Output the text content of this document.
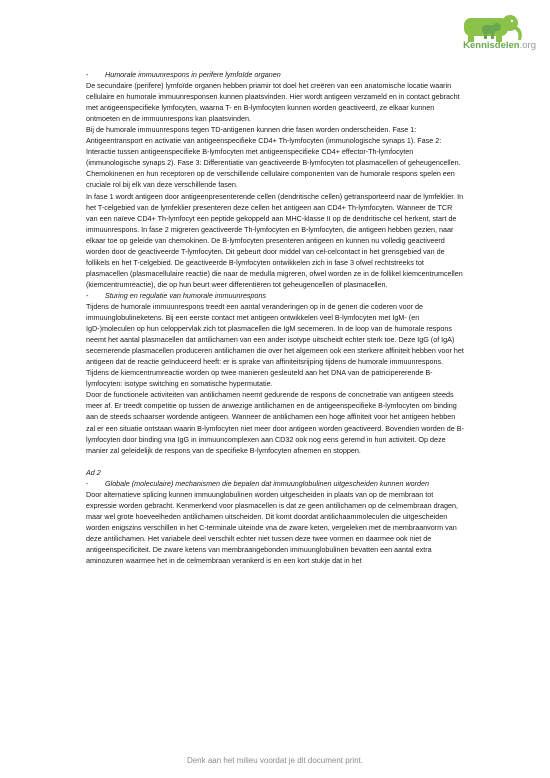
Kennisdelen.org
-	Humorale immuunrespons in perifere lymfoïde organen

De secundaire (perifere) lymfoïde organen hebben priamir tot doel het creëren van een anatomische locatie waarin cellulaire en humorale immuunresponsen kunnen plaatsvinden. Hier wordt antigeen verzameld en in contact gebracht met antigeenspecifieke lymfocyten, waarna T- en B-lymfocyten kunnen worden geactiveerd, ze elkaar kunnen ontmoeten en de immuunrespons kan plaatsvinden.

Bij de humorale immuunrespons tegen TD-antigenen kunnen drie fasen worden onderscheiden. Fase 1: Antigeentransport en activatie van antigeenspecifieke CD4+ Th-lymfocyten (immunologische synaps 1). Fase 2: Interactie tussen antigeenspecifieke B-lymfocyten met antigeenspecifieke CD4+ effector-Th-lymfocyten (immunologische synaps 2). Fase 3: Differentiatie van geactiveerde B-lymfocyten tot plasmacellen of geheugencellen.

Chemokinenen en hun receptoren op de verschillende cellulaire componenten van de humorale respons spelen een cruciale rol bij elk van deze verschillende fasen.

In fase 1 wordt antigeen door antigeenpresenterende cellen (dendritische cellen) getransporteerd naar de lymfeklier. In het T-celgebied van de lymfeklier presenteren deze cellen het antigeen aan CD4+ Th-lymfocyten. Wanneer de TCR van een naïeve CD4+ Th-lymfocyt een peptide gekoppeld aan MHC-klasse II op de dendritische cel herkent, start de immuunrespons. In fase 2 migreren geactiveerde Th-lymfocyten en B-lymfocyten, die antigeen hebben gezien, naar elkaar toe op geleide van chemokinen. De B-lymfocyten presenteren antigeen en kunnen nu volledig geactiveerd worden door de geactiveerde T-lymfocyten. Dit gebeurt door middel van cel-celcontact in het grensgebied van de follikels en het T-celgebied. De geactiveerde B-lymfocyten ontwikkelen zich in fase 3 ofwel rechtstreeks tot plasmacellen (plasmacellulaire reactie) die naar de medulla migreren, ofwel worden ze in de follikel kiemcentrumcellen (kiemcentrumreactie), die op hun beurt weer differentiëren tot geheugencellen of plasmacellen.

-	Sturing en regulatie van humorale immuunrespons

Tijdens de humorale immuunrespons treedt een aantal veranderingen op in de genen die coderen voor de immuunglobulineketens. Bij een eerste contact met antigeen ontwikkelen veel B-lymfocyten met IgM- (en IgD-)moleculen op hun celoppervlak zich tot plasmacellen die IgM secerneren. In de loop van de humorale respons neemt het aantal plasmacellen dat antilichamen van een ander isotype uitscheidt echter sterk toe. Deze IgG (of IgA) secernerende plasmacellen produceren antilichamen die over het algemeen ook een sterkere affiniteit hebben voor het antigeen dat de reactie geïnduceerd heeft: er is sprake van affiniteitsrijping tijdens de humorale immuunrespons.

Tijdens de kiemcentrumreactie worden op twee manieren gesleuteld aan het DNA van de patricipererende B-lymfocyten: isotype switching en somatische hypermutatie.

Door de functionele activiteiten van antilichamen neemt gedurende de respons de concnetratie van antigeen steeds meer af. Er treedt competitie op tussen de anwezige antilichamen en de antigeenspecifieke B-lymfocyten om binding aan de steeds schaarser wordende antigeen. Wanneer de antilichamen een hoge affiniteit voor het antigeen hebben zal er een situatie ontstaan waarin B-lymfocyten niet meer door antigeen worden geactiveerd. Bovendien worden de B-lymfocyten door binding vna IgG in immuuncomplexen aan CD32 ook nog eens geremd in hun activiteit. Op deze manier zal geleidelijk de respons van de specifieke B-lymfocyten afnemen en stoppen.

Ad 2

-	Globale (moleculaire) mechanismen die bepalen dat immuunglobulinen uitgescheiden kunnen worden

Door alternatieve splicing kunnen immuunglobulinen worden uitgescheiden in plaats van op de membraan tot expressie worden gebracht. Kenmerkend voor plasmacellen is dat ze geen antilichamen op de celmembraan dragen, maar wel grote hoeveelheden antilichamen uitscheiden. Dit komt doordat antilichaammoleculen die uitgescheiden worden enigszins verschillen in het C-terminale uiteinde vna de zware keten, vergeleken met de membraanvorm van deze antilichamen. Het variabele deel verschilt echter niet tussen deze twee vormen en daarmee ook niet de antigeenspecificiteit. De zware ketens van membraangebonden immuunglobulinen bevatten een aantal extra aminozuren waarmee het in de celmembraan verankerd is en een kort stukje dat in het

Denk aan het milieu voordat je dit document print.
